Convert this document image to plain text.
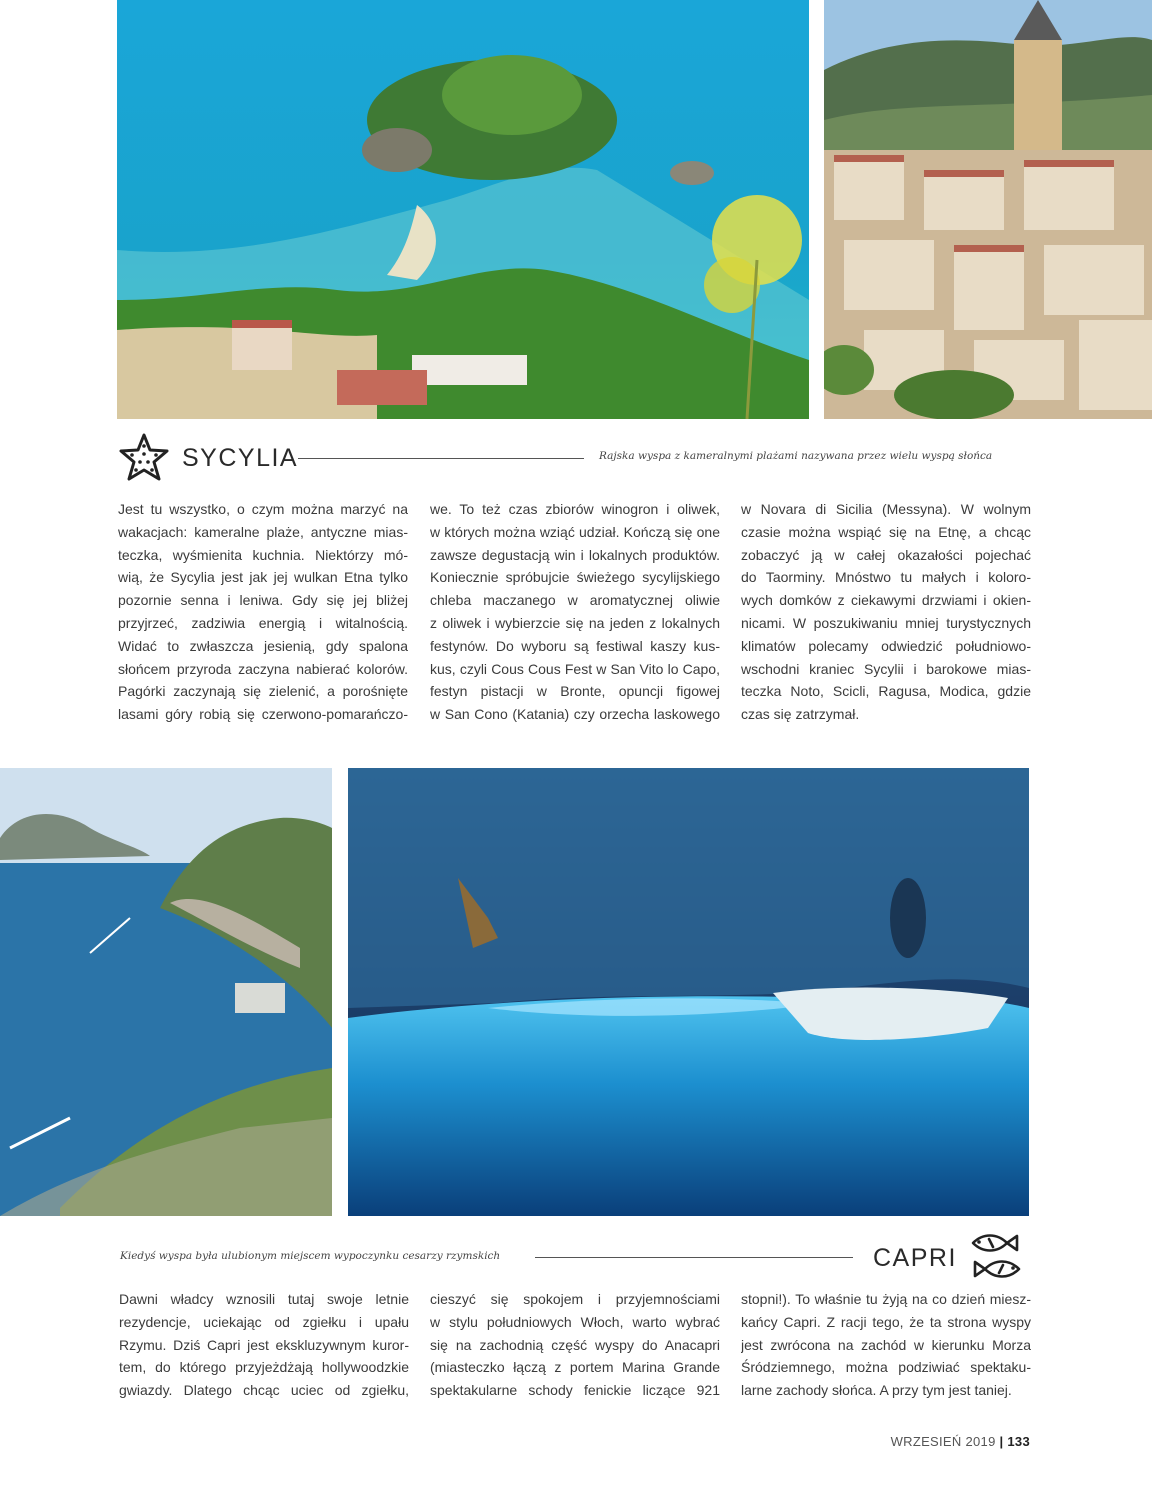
SYCYLIA	Rajska wyspa z kameralnymi plażami nazywana przez wielu wyspą słońca
Jest tu wszystko, o czym można marzyć na
wakacjach: kameralne plaże, antyczne mias-
teczka, wyśmienita kuchnia. Niektórzy mó-
wią, że Sycylia jest jak jej wulkan Etna tylko
pozornie senna i leniwa. Gdy się jej bliżej
przyjrzeć, zadziwia energią i witalnością.
Widać to zwłaszcza jesienią, gdy spalona
słońcem przyroda zaczyna nabierać kolorów.
Pagórki zaczynają się zielenić, a porośnięte
lasami góry robią się czerwono-pomarańczo-
we. To też czas zbiorów winogron i oliwek,
w których można wziąć udział. Kończą się one
zawsze degustacją win i lokalnych produktów.
Koniecznie spróbujcie świeżego sycylijskiego
chleba maczanego w aromatycznej oliwie
z oliwek i wybierzcie się na jeden z lokalnych
festynów. Do wyboru są festiwal kaszy kus-
kus, czyli Cous Cous Fest w San Vito lo Capo,
festyn pistacji w Bronte, opuncji figowej
w San Cono (Katania) czy orzecha laskowego
w Novara di Sicilia (Messyna). W wolnym
czasie można wspiąć się na Etnę, a chcąc
zobaczyć ją w całej okazałości pojechać
do Taorminy. Mnóstwo tu małych i koloro-
wych domków z ciekawymi drzwiami i okien-
nicami. W poszukiwaniu mniej turystycznych
klimatów polecamy odwiedzić południowo-
wschodni kraniec Sycylii i barokowe mias-
teczka Noto, Scicli, Ragusa, Modica, gdzie
czas się zatrzymał.
Kiedyś wyspa była ulubionym miejscem wypoczynku cesarzy rzymskich	CAPRI
Dawni władcy wznosili tutaj swoje letnie
rezydencje, uciekając od zgiełku i upału
Rzymu. Dziś Capri jest ekskluzywnym kuror-
tem, do którego przyjeżdżają hollywoodzkie
gwiazdy. Dlatego chcąc uciec od zgiełku,
cieszyć się spokojem i przyjemnościami
w stylu południowych Włoch, warto wybrać
się na zachodnią część wyspy do Anacapri
(miasteczko łączą z portem Marina Grande
spektakularne schody fenickie liczące 921
stopni!). To właśnie tu żyją na co dzień miesz-
kańcy Capri. Z racji tego, że ta strona wyspy
jest zwrócona na zachód w kierunku Morza
Śródziemnego, można podziwiać spektaku-
larne zachody słońca. A przy tym jest taniej.
WRZESIEŃ 2019 | 133
